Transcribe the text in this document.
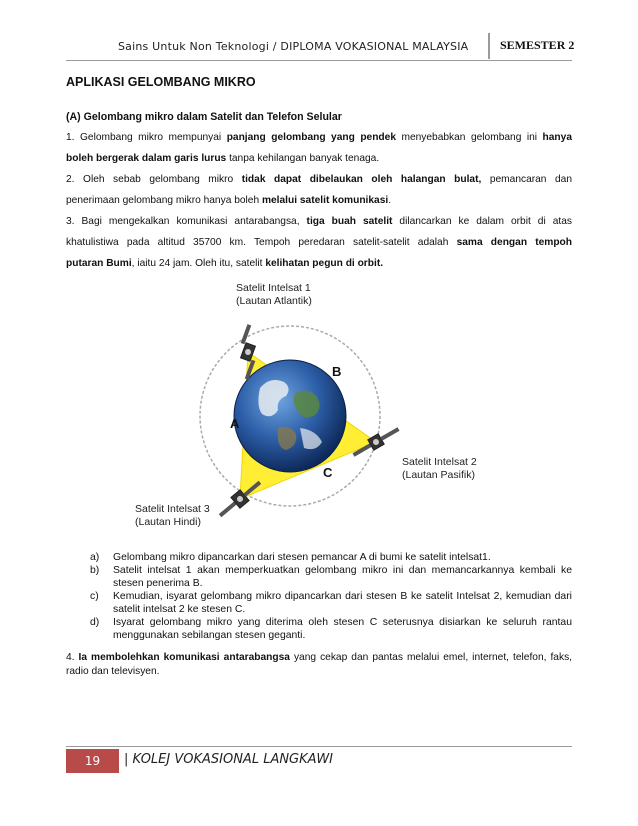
Sains Untuk Non Teknologi / DIPLOMA VOKASIONAL MALAYSIA	SEMESTER 2
APLIKASI GELOMBANG MIKRO
(A) Gelombang mikro dalam Satelit dan Telefon Selular
1. Gelombang mikro mempunyai panjang gelombang yang pendek menyebabkan gelombang ini hanya
boleh bergerak dalam garis lurus tanpa kehilangan banyak tenaga.
2. Oleh sebab gelombang mikro tidak dapat dibelaukan oleh halangan bulat, pemancaran dan
penerimaan gelombang mikro hanya boleh melalui satelit komunikasi.
3. Bagi mengekalkan komunikasi antarabangsa, tiga buah satelit dilancarkan ke dalam orbit di atas
khatulistiwa pada altitud 35700 km. Tempoh peredaran satelit-satelit adalah sama dengan tempoh
putaran Bumi, iaitu 24 jam. Oleh itu, satelit kelihatan pegun di orbit.
Satelit Intelsat 1
(Lautan Atlantik)
Satelit Intelsat 2
(Lautan Pasifik)
Satelit Intelsat 3
(Lautan Hindi)
B
A
C
a)	Gelombang mikro dipancarkan dari stesen pemancar A di bumi ke satelit intelsat1.
b)	Satelit intelsat 1 akan memperkuatkan gelombang mikro ini dan memancarkannya kembali ke stesen penerima B.
c)	Kemudian, isyarat gelombang mikro dipancarkan dari stesen B ke satelit Intelsat 2, kemudian dari satelit intelsat 2 ke stesen C.
d)	Isyarat gelombang mikro yang diterima oleh stesen C seterusnya disiarkan ke seluruh rantau menggunakan sebilangan stesen geganti.
4. Ia membolehkan komunikasi antarabangsa yang cekap dan pantas melalui emel, internet, telefon, faks, radio dan televisyen.
19	| KOLEJ VOKASIONAL LANGKAWI
